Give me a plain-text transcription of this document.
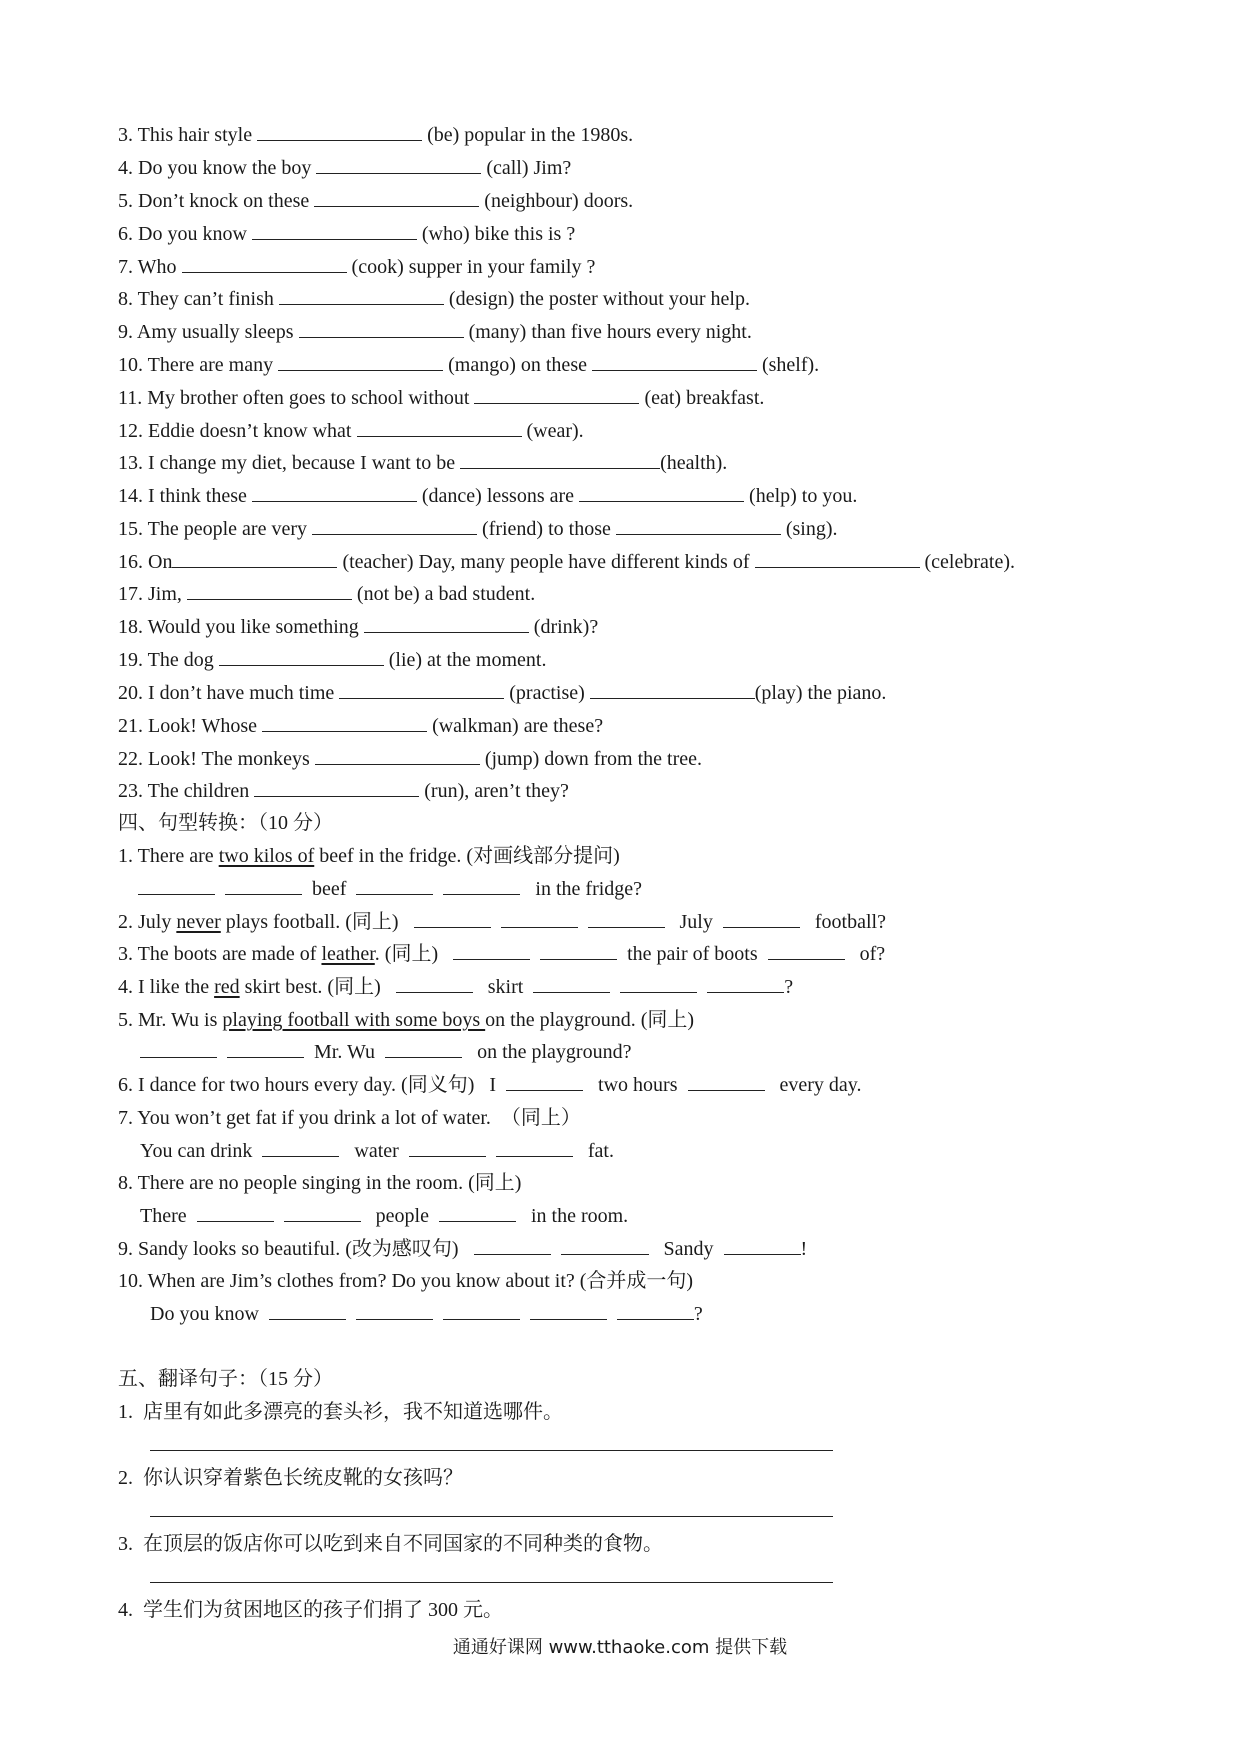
3. This hair style	(be) popular in the 1980s.
4. Do you know the boy	(call) Jim?
5. Don’t knock on these	(neighbour) doors.
6. Do you know	(who) bike this is ?
7. Who	(cook) supper in your family ?
8. They can’t finish	(design) the poster without your help.
9. Amy usually sleeps	(many) than five hours every night.
10. There are many	(mango) on these	(shelf).
11. My brother often goes to school without	(eat) breakfast.
12. Eddie doesn’t know what	(wear).
13. I change my diet, because I want to be	(health).
14. I think these	(dance) lessons are	(help) to you.
15. The people are very	(friend) to those	(sing).
16. On	(teacher) Day, many people have different kinds of	(celebrate).
17. Jim,	(not be) a bad student.
18. Would you like something	(drink)?
19. The dog	(lie) at the moment.
20. I don’t have much time	(practise)	(play) the piano.
21. Look! Whose	(walkman) are these?
22. Look! The monkeys	(jump) down from the tree.
23. The children	(run), aren’t they?
四、句型转换：（10 分）
1. There are two kilos of beef in the fridge. (对画线部分提问)
beef	in the fridge?
2. July never plays football. (同上)	July	football?
3. The boots are made of leather. (同上)	the pair of boots	of?
4. I like the red skirt best. (同上)	skirt	?
5. Mr. Wu is playing football with some boys on the playground. (同上)
Mr. Wu	on the playground?
6. I dance for two hours every day. (同义句) I	two hours	every day.
7. You won’t get fat if you drink a lot of water.  （同上）
You can drink	water	fat.
8. There are no people singing in the room. (同上)
There	people	in the room.
9. Sandy looks so beautiful. (改为感叹句)	Sandy	!
10. When are Jim’s clothes from? Do you know about it? (合并成一句)
Do you know	?
五、翻译句子：（15 分）
1. 店里有如此多漂亮的套头衫，我不知道选哪件。
2. 你认识穿着紫色长统皮靴的女孩吗？
3. 在顶层的饭店你可以吃到来自不同国家的不同种类的食物。
4. 学生们为贫困地区的孩子们捐了 300 元。
通通好课网 www.tthaoke.com 提供下载
